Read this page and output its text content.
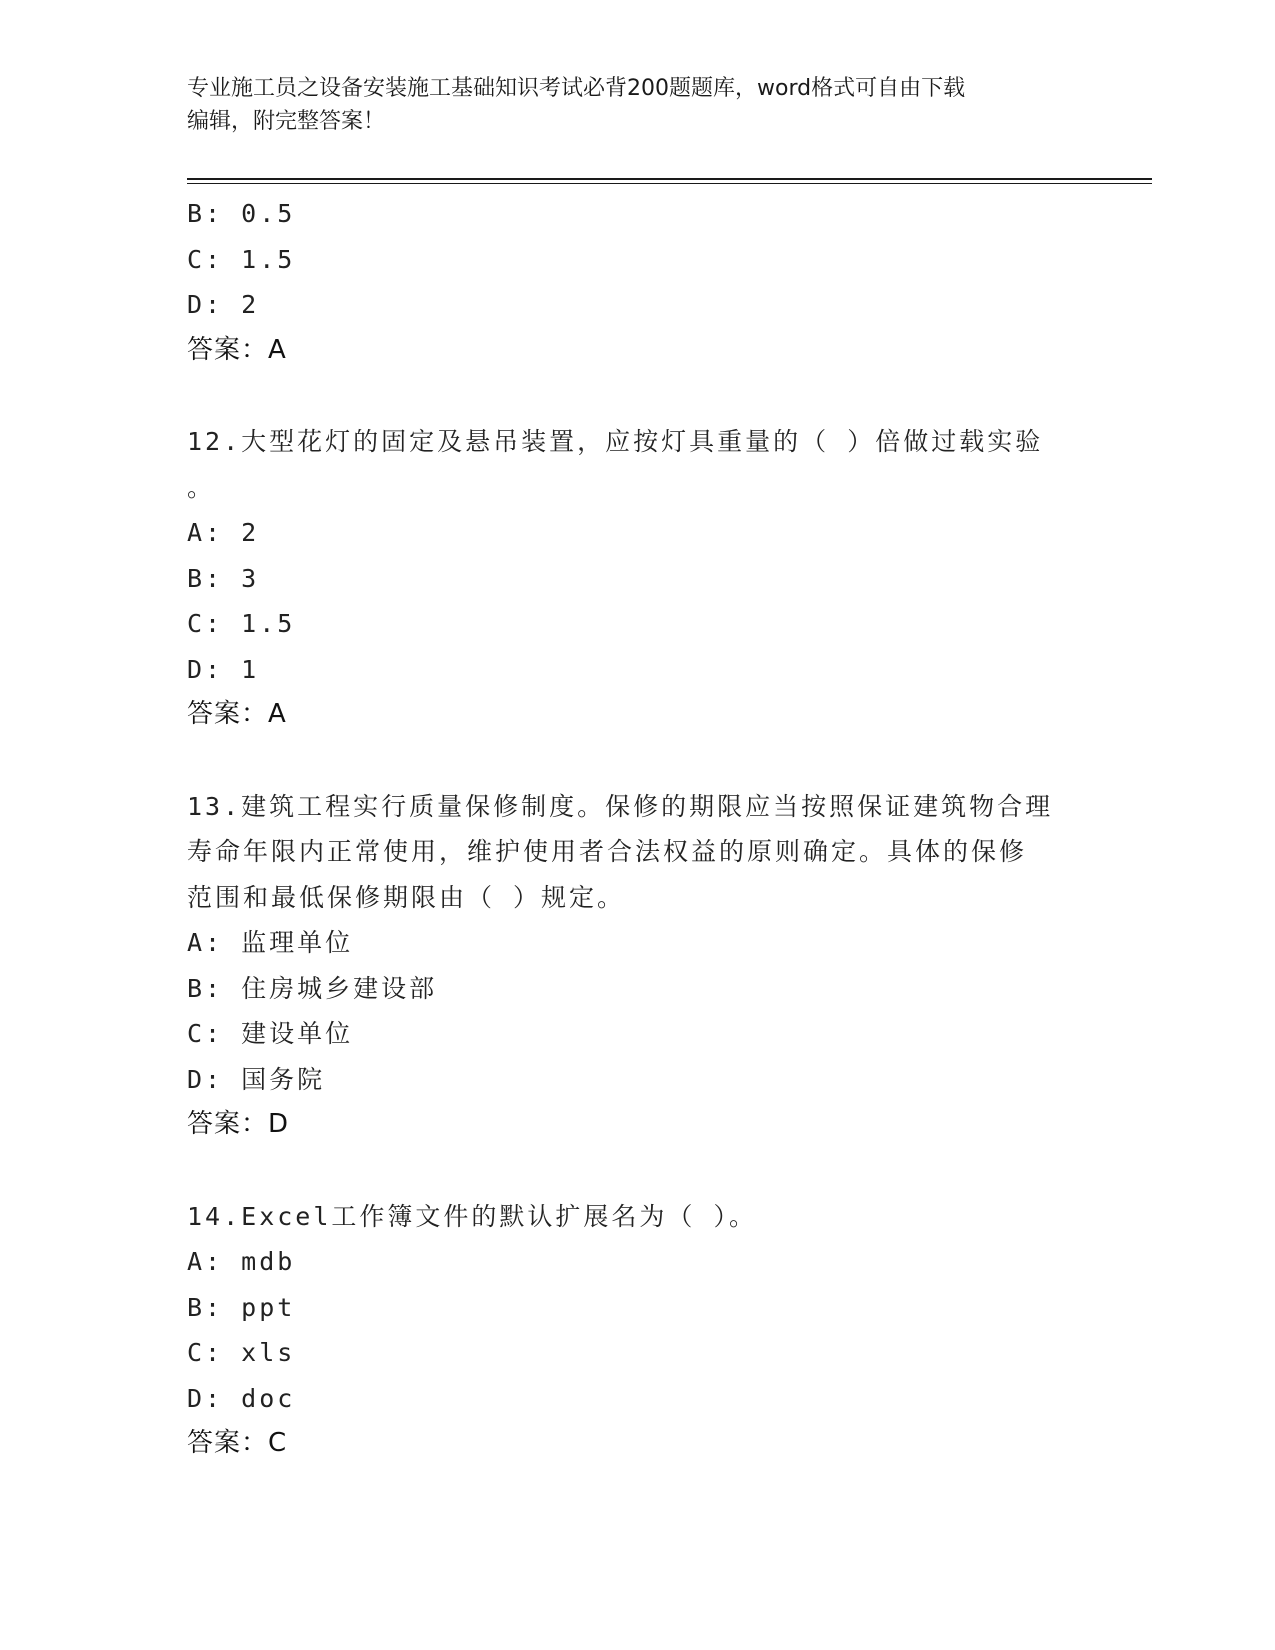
专业施工员之设备安装施工基础知识考试必背200题题库，word格式可自由下载
编辑，附完整答案！
B: 0.5
C: 1.5
D: 2
答案：A
12.大型花灯的固定及悬吊装置，应按灯具重量的（ ）倍做过载实验
。
A: 2
B: 3
C: 1.5
D: 1
答案：A
13.建筑工程实行质量保修制度。保修的期限应当按照保证建筑物合理
寿命年限内正常使用，维护使用者合法权益的原则确定。具体的保修
范围和最低保修期限由（ ）规定。
A: 监理单位
B: 住房城乡建设部
C: 建设单位
D: 国务院
答案：D
14.Excel工作簿文件的默认扩展名为（ ）。
A: mdb
B: ppt
C: xls
D: doc
答案：C
